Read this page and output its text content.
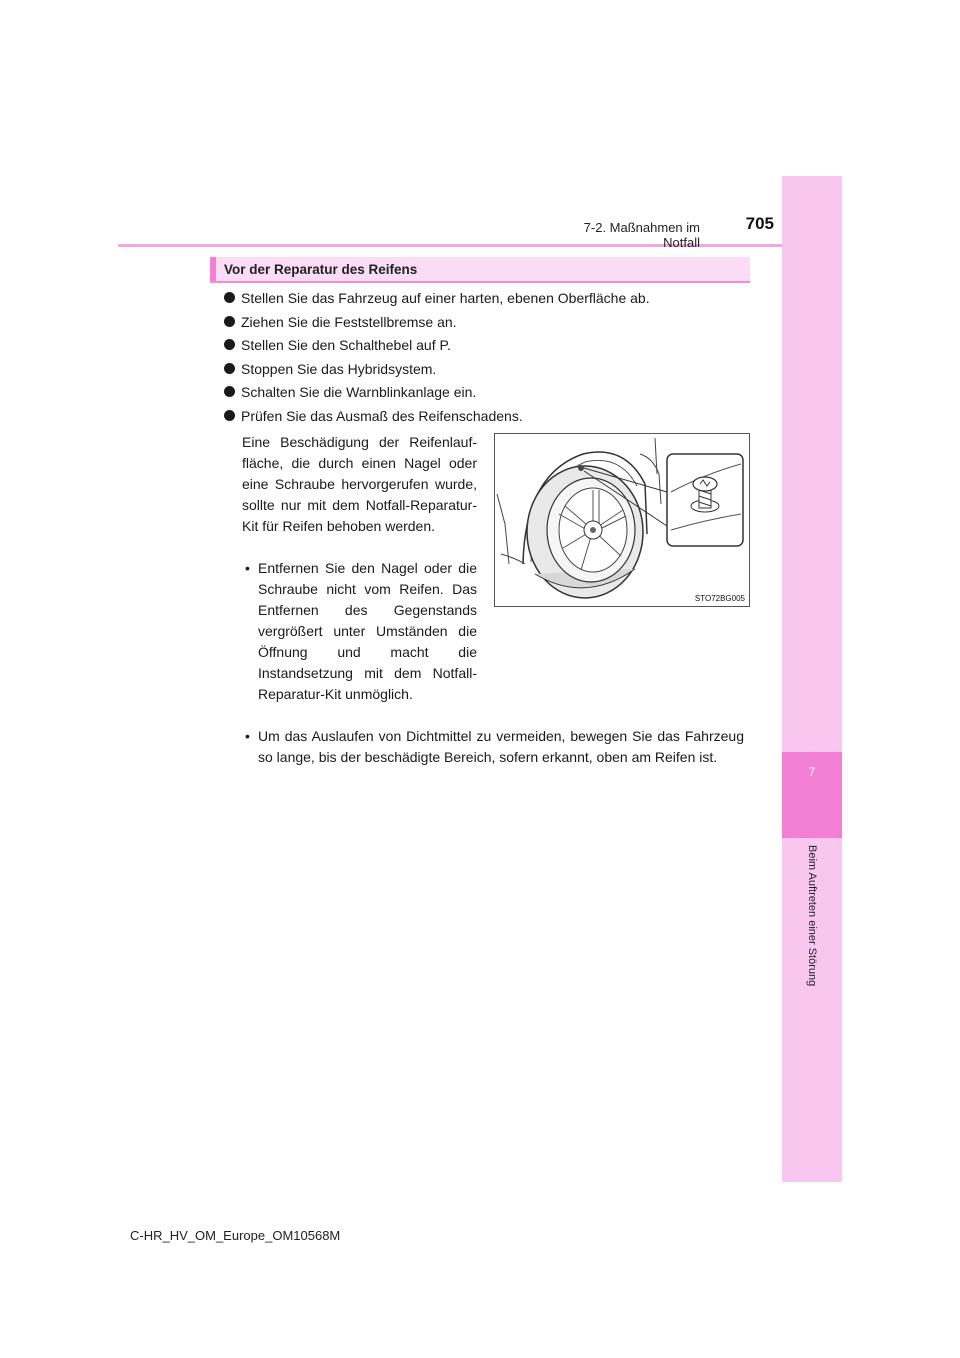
7-2. Maßnahmen im Notfall
705
7
Beim Auftreten einer Störung
Vor der Reparatur des Reifens
Stellen Sie das Fahrzeug auf einer harten, ebenen Oberfläche ab.
Ziehen Sie die Feststellbremse an.
Stellen Sie den Schalthebel auf P.
Stoppen Sie das Hybridsystem.
Schalten Sie die Warnblinkanlage ein.
Prüfen Sie das Ausmaß des Reifenschadens.
Eine Beschädigung der Reifenlauffläche, die durch einen Nagel oder eine Schraube hervorgerufen wurde, sollte nur mit dem Notfall-Reparatur-Kit für Reifen behoben werden.
• Entfernen Sie den Nagel oder die Schraube nicht vom Reifen. Das Entfernen des Gegenstands vergrößert unter Umständen die Öffnung und macht die Instandsetzung mit dem Notfall-Reparatur-Kit unmöglich.
• Um das Auslaufen von Dichtmittel zu vermeiden, bewegen Sie das Fahrzeug so lange, bis der beschädigte Bereich, sofern erkannt, oben am Reifen ist.
STO72BG005
C-HR_HV_OM_Europe_OM10568M
